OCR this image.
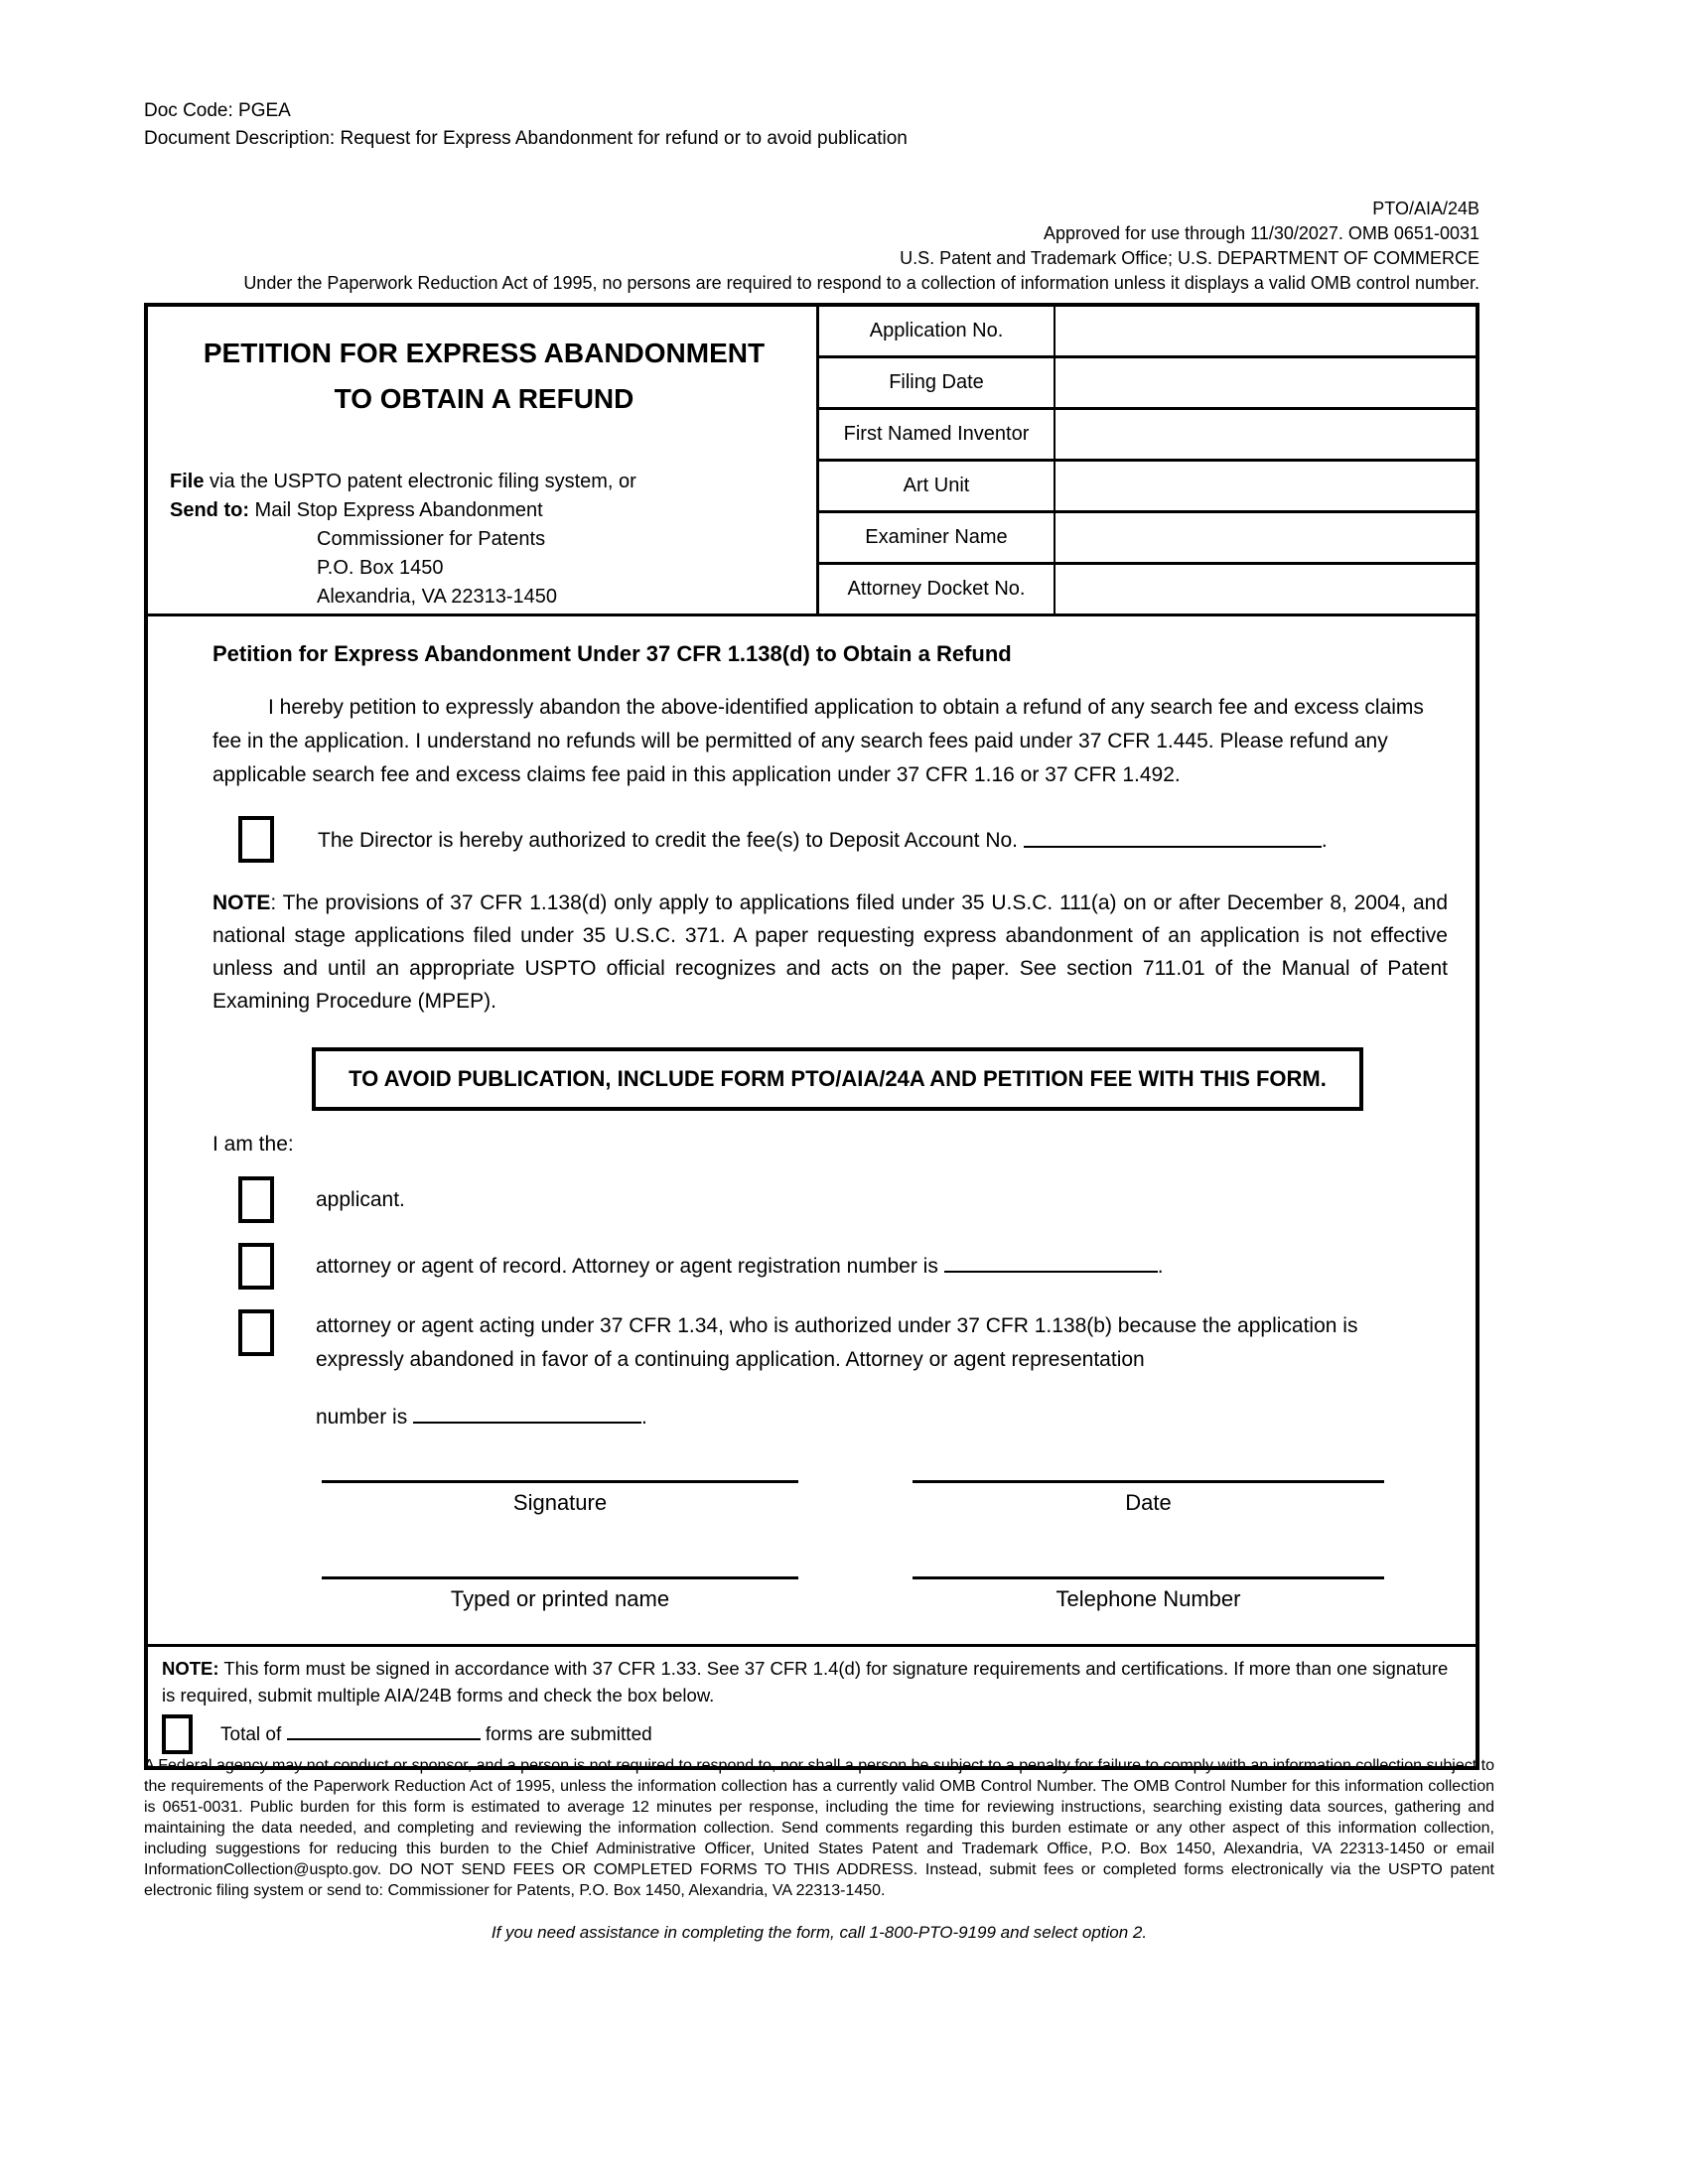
Doc Code: PGEA
Document Description: Request for Express Abandonment for refund or to avoid publication
PTO/AIA/24B
Approved for use through 11/30/2027. OMB 0651-0031
U.S. Patent and Trademark Office; U.S. DEPARTMENT OF COMMERCE
Under the Paperwork Reduction Act of 1995, no persons are required to respond to a collection of information unless it displays a valid OMB control number.
PETITION FOR EXPRESS ABANDONMENT
TO OBTAIN A REFUND
File via the USPTO patent electronic filing system, or
Send to: Mail Stop Express Abandonment
Commissioner for Patents
P.O. Box 1450
Alexandria, VA 22313-1450
Application No.
Filing Date
First Named Inventor
Art Unit
Examiner Name
Attorney Docket No.
Petition for Express Abandonment Under 37 CFR 1.138(d) to Obtain a Refund
I hereby petition to expressly abandon the above-identified application to obtain a refund of any search fee and excess claims fee in the application. I understand no refunds will be permitted of any search fees paid under 37 CFR 1.445. Please refund any applicable search fee and excess claims fee paid in this application under 37 CFR 1.16 or 37 CFR 1.492.
The Director is hereby authorized to credit the fee(s) to Deposit Account No.	.
NOTE: The provisions of 37 CFR 1.138(d) only apply to applications filed under 35 U.S.C. 111(a) on or after December 8, 2004, and national stage applications filed under 35 U.S.C. 371. A paper requesting express abandonment of an application is not effective unless and until an appropriate USPTO official recognizes and acts on the paper. See section 711.01 of the Manual of Patent Examining Procedure (MPEP).
TO AVOID PUBLICATION, INCLUDE FORM PTO/AIA/24A AND PETITION FEE WITH THIS FORM.
I am the:
applicant.
attorney or agent of record. Attorney or agent registration number is	.
attorney or agent acting under 37 CFR 1.34, who is authorized under 37 CFR 1.138(b) because the application is expressly abandoned in favor of a continuing application. Attorney or agent representation
number is	.
Signature	Date
Typed or printed name	Telephone Number
NOTE: This form must be signed in accordance with 37 CFR 1.33. See 37 CFR 1.4(d) for signature requirements and certifications. If more than one signature is required, submit multiple AIA/24B forms and check the box below.
Total of	forms are submitted
A Federal agency may not conduct or sponsor, and a person is not required to respond to, nor shall a person be subject to a penalty for failure to comply with an information collection subject to the requirements of the Paperwork Reduction Act of 1995, unless the information collection has a currently valid OMB Control Number. The OMB Control Number for this information collection is 0651-0031. Public burden for this form is estimated to average 12 minutes per response, including the time for reviewing instructions, searching existing data sources, gathering and maintaining the data needed, and completing and reviewing the information collection. Send comments regarding this burden estimate or any other aspect of this information collection, including suggestions for reducing this burden to the Chief Administrative Officer, United States Patent and Trademark Office, P.O. Box 1450, Alexandria, VA 22313-1450 or email InformationCollection@uspto.gov. DO NOT SEND FEES OR COMPLETED FORMS TO THIS ADDRESS. Instead, submit fees or completed forms electronically via the USPTO patent electronic filing system or send to: Commissioner for Patents, P.O. Box 1450, Alexandria, VA 22313-1450.
If you need assistance in completing the form, call 1-800-PTO-9199 and select option 2.
